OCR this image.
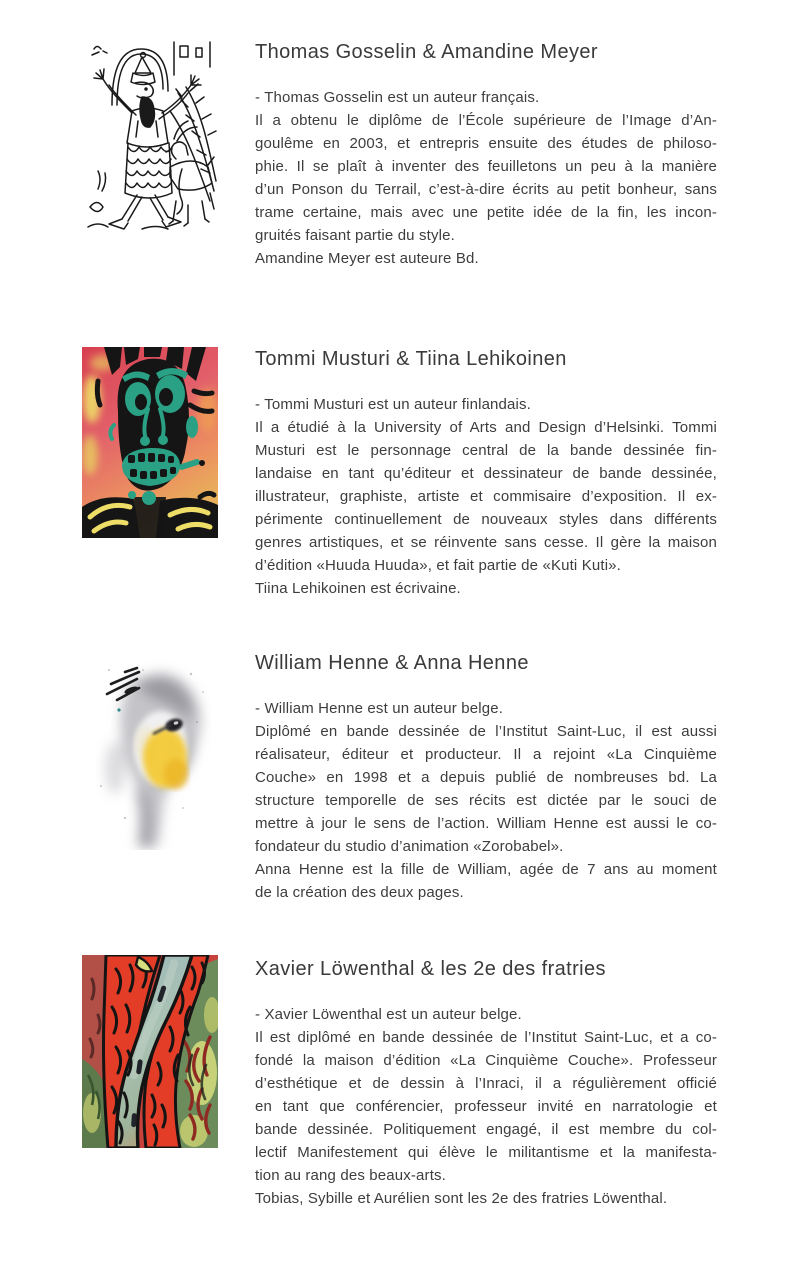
Thomas Gosselin & Amandine Meyer
- Thomas Gosselin est un auteur français.
Il a obtenu le diplôme de l’École supérieure de l’Image d’An-
goulême en 2003, et entrepris ensuite des études de philoso-
phie. Il se plaît à inventer des feuilletons un peu à la manière
d’un Ponson du Terrail, c’est-à-dire écrits au petit bonheur, sans
trame certaine, mais avec une petite idée de la fin, les incon-
gruités faisant partie du style.
Amandine Meyer est auteure Bd.
Tommi Musturi & Tiina Lehikoinen
- Tommi Musturi est un auteur finlandais.
Il a étudié à la University of Arts and Design d’Helsinki. Tommi
Musturi est le personnage central de la bande dessinée fin-
landaise en tant qu’éditeur et dessinateur de bande dessinée,
illustrateur, graphiste, artiste et commisaire d’exposition. Il ex-
périmente continuellement de nouveaux styles dans différents
genres artistiques, et se réinvente sans cesse. Il gère la maison
d’édition «Huuda Huuda», et fait partie de «Kuti Kuti».
Tiina Lehikoinen est écrivaine.
William Henne & Anna Henne
- William Henne est un auteur belge.
Diplômé en bande dessinée de l’Institut Saint-Luc, il est aussi
réalisateur, éditeur et producteur. Il a rejoint «La Cinquième
Couche» en 1998 et a depuis publié de nombreuses bd. La
structure temporelle de ses récits est dictée par le souci de
mettre à jour le sens de l’action. William Henne est aussi le co-
fondateur du studio d’animation «Zorobabel».
Anna Henne est la fille de William, agée de 7 ans au moment
de la création des deux pages.
Xavier Löwenthal & les 2e des fratries
- Xavier Löwenthal est un auteur belge.
Il est diplômé en bande dessinée de l’Institut Saint-Luc, et a co-
fondé la maison d’édition «La Cinquième Couche». Professeur
d’esthétique et de dessin à l’Inraci, il a régulièrement officié
en tant que conférencier, professeur invité en narratologie et
bande dessinée. Politiquement engagé, il est membre du col-
lectif Manifestement qui élève le militantisme et la manifesta-
tion au rang des beaux-arts.
Tobias, Sybille et Aurélien sont les 2e des fratries Löwenthal.
